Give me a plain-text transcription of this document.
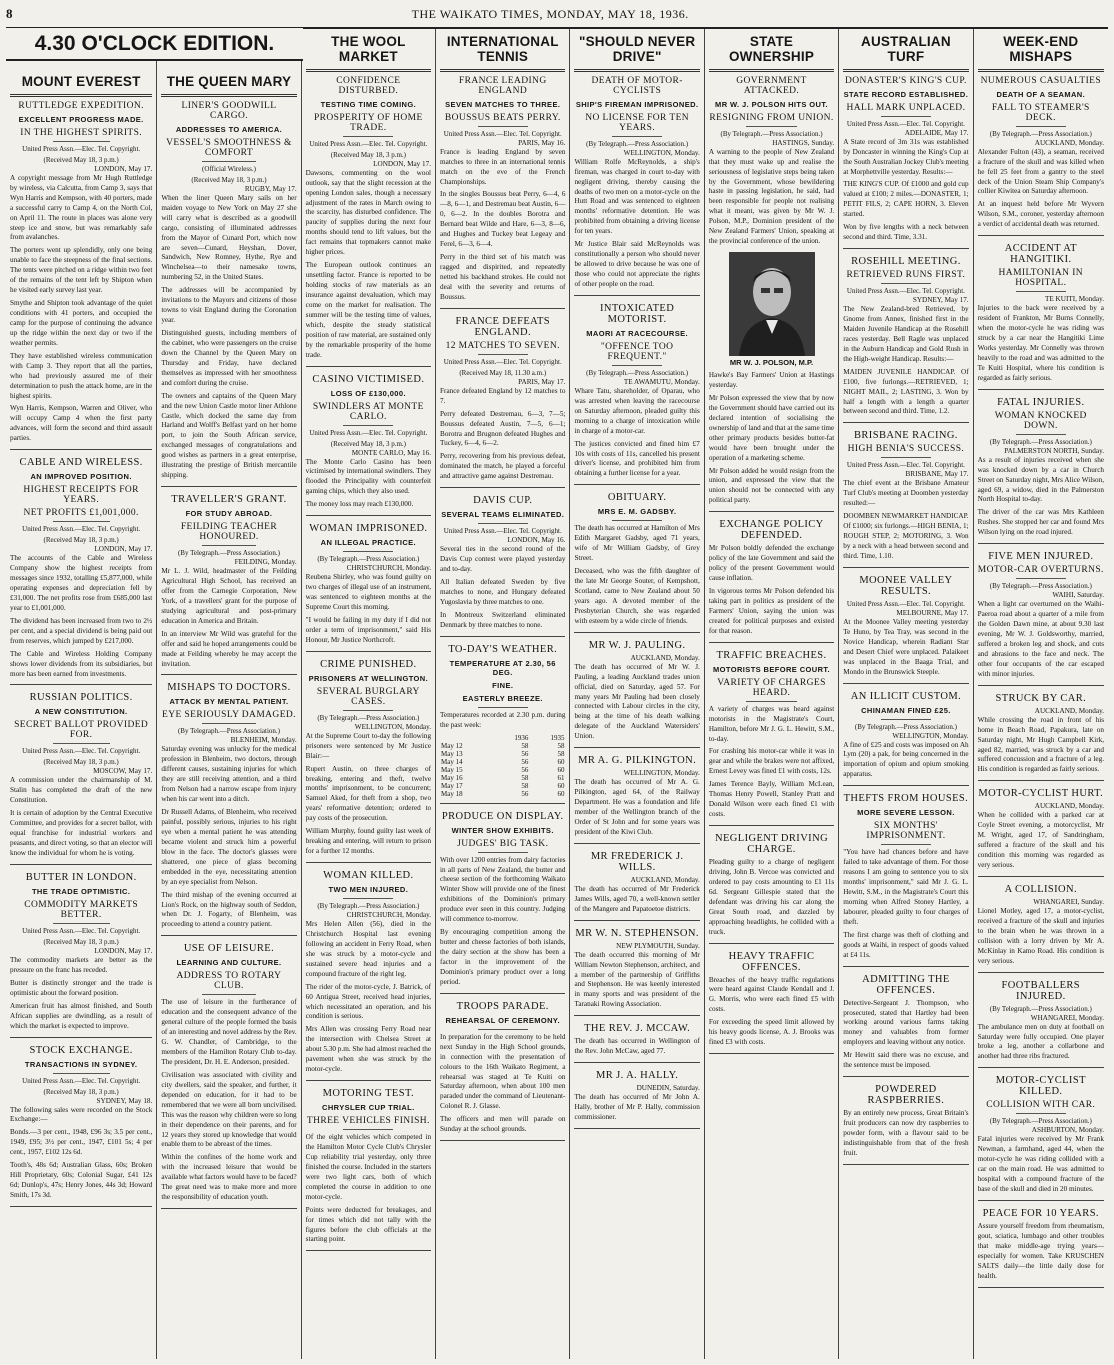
8	THE WAIKATO TIMES, MONDAY, MAY 18, 1936.
4.30 O'CLOCK EDITION.
MOUNT EVEREST
RUTTLEDGE EXPEDITION.
EXCELLENT PROGRESS MADE.
IN THE HIGHEST SPIRITS.
United Press Assn.—Elec. Tel. Copyright.
(Received May 18, 3 p.m.)
LONDON, May 17.

A copyright message from Mr Hugh Ruttledge by wireless, via Calcutta, from Camp 3, says that Wyn Harris and Kempson, with 40 porters, made a successful carry to Camp 4, on the North Col, on April 11. The route in places was alone very steep ice and snow, but was remarkably safe from avalanches.

The porters went up splendidly, only one being unable to face the steepness of the final sections. The tents were pitched on a ridge within two feet of the remains of the tent left by Shipton when he visited early survey last year.

Smythe and Shipton took advantage of the quiet conditions with 41 porters, and occupied the camp for the purpose of continuing the advance up the ridge within the next day or two if the weather permits.

They have established wireless communication with Camp 3. They report that all the parties, who had previously assured me of their determination to push the attack home, are in the highest spirits.

Wyn Harris, Kempson, Warren and Oliver, who will occupy Camp 4 when the first party advances, will form the second and third assault parties.

CABLE AND WIRELESS.
AN IMPROVED POSITION.
HIGHEST RECEIPTS FOR YEARS.
NET PROFITS £1,001,000.
United Press Assn.—Elec. Tel. Copyright.
(Received May 18, 3 p.m.)
LONDON, May 17.

The accounts of the Cable and Wireless Company show the highest receipts from messages since 1932, totalling £5,877,000, while operating expenses and depreciation fell by £31,000. The net profits rose from £685,000 last year to £1,001,000.

The dividend has been increased from two to 2½ per cent, and a special dividend is being paid out from reserves, which jumped by £217,000.

The Cable and Wireless Holding Company shows lower dividends from its subsidiaries, but more has been earned from investments.

RUSSIAN POLITICS.
A NEW CONSTITUTION.
SECRET BALLOT PROVIDED FOR.
United Press Assn.—Elec. Tel. Copyright.
(Received May 18, 3 p.m.)
MOSCOW, May 17.

A commission under the chairmanship of M. Stalin has completed the draft of the new Constitution.

It is certain of adoption by the Central Executive Committee, and provides for a secret ballot, with equal franchise for industrial workers and peasants, and direct voting, so that an elector will know the individual for whom he is voting.

BUTTER IN LONDON.
THE TRADE OPTIMISTIC.
COMMODITY MARKETS BETTER.
United Press Assn.—Elec. Tel. Copyright.
(Received May 18, 3 p.m.)
LONDON, May 17.

The commodity markets are better as the pressure on the franc has receded.

Butter is distinctly stronger and the trade is optimistic about the forward position.

American fruit has almost finished, and South African supplies are dwindling, as a result of which the market is expected to improve.

STOCK EXCHANGE.
TRANSACTIONS IN SYDNEY.
United Press Assn.—Elec. Tel. Copyright.
(Received May 18, 3 p.m.)
SYDNEY, May 18.

The following sales were recorded on the Stock Exchange:—

Bonds.—3 per cent., 1948, £96 3s; 3.5 per cent., 1949, £95; 3½ per cent., 1947, £101 5s; 4 per cent., 1957, £102 12s 6d.

Tooth's, 48s 6d; Australian Glass, 60s; Broken Hill Proprietary, 60s; Colonial Sugar, £41 12s 6d; Dunlop's, 47s; Henry Jones, 44s 3d; Howard Smith, 17s 3d.

THE QUEEN MARY
LINER'S GOODWILL CARGO.
ADDRESSES TO AMERICA.
VESSEL'S SMOOTHNESS & COMFORT
(Official Wireless.)
(Received May 18, 3 p.m.)
RUGBY, May 17.

When the liner Queen Mary sails on her maiden voyage to New York on May 27 she will carry what is described as a goodwill cargo, consisting of illuminated addresses from the Mayor of Cunard Port, which now are seven—Cunard, Heyshan, Dover, Sandwich, New Romney, Hythe, Rye and Winchelsea—to their namesake towns, numbering 52, in the United States.

The addresses will be accompanied by invitations to the Mayors and citizens of those towns to visit England during the Coronation year.

Distinguished guests, including members of the cabinet, who were passengers on the cruise down the Channel by the Queen Mary on Thursday and Friday, have declared themselves as impressed with her smoothness and comfort during the cruise.

The owners and captains of the Queen Mary and the new Union Castle motor liner Athlone Castle, which docked the same day from Harland and Wolff's Belfast yard on her home port, to join the South African service, exchanged messages of congratulations and good wishes as partners in a great enterprise, illustrating the prestige of British mercantile shipping.

TRAVELLER'S GRANT.
FOR STUDY ABROAD.
FEILDING TEACHER HONOURED.
(By Telegraph.—Press Association.)
FEILDING, Monday.

Mr L. J. Wild, headmaster of the Feilding Agricultural High School, has received an offer from the Carnegie Corporation, New York, of a travellers' grant for the purpose of studying agricultural and post-primary education in America and Britain.

In an interview Mr Wild was grateful for the offer and said he hoped arrangements could be made at Feilding whereby he may accept the invitation.

MISHAPS TO DOCTORS.
ATTACK BY MENTAL PATIENT.
EYE SERIOUSLY DAMAGED.
(By Telegraph.—Press Association.)
BLENHEIM, Monday.

Saturday evening was unlucky for the medical profession in Blenheim, two doctors, through different causes, sustaining injuries for which they are still receiving attention, and a third from Nelson had a narrow escape from injury when his car went into a ditch.

Dr Russell Adams, of Blenheim, who received painful, possibly serious, injuries to his right eye when a mental patient he was attending became violent and struck him a powerful blow in the face. The doctor's glasses were shattered, one piece of glass becoming embedded in the eye, necessitating attention by an eye specialist from Nelson.

The third mishap of the evening occurred at Lion's Rock, on the highway south of Seddon, when Dr. J. Fogarty, of Blenheim, was proceeding to attend a country patient.

USE OF LEISURE.
LEARNING AND CULTURE.
ADDRESS TO ROTARY CLUB.

The use of leisure in the furtherance of education and the consequent advance of the general culture of the people formed the basis of an interesting and novel address by the Rev. G. W. Chandler, of Cambridge, to the members of the Hamilton Rotary Club to-day. The president, Dr. H. E. Anderson, presided.

Civilisation was associated with civility and city dwellers, said the speaker, and further, it depended on education, for it had to be remembered that we were all born uncivilised. This was the reason why children were so long in their dependence on their parents, and for 12 years they stored up knowledge that would enable them to be abreast of the times.

Within the confines of the home work and with the increased leisure that would be available what factors would have to be faced? The great need was to make more and more the responsibility of education youth.

THE WOOL MARKET
CONFIDENCE DISTURBED.
TESTING TIME COMING.
PROSPERITY OF HOME TRADE.
United Press Assn.—Elec. Tel. Copyright.
(Received May 18, 3 p.m.)
LONDON, May 17.

Dawsons, commenting on the wool outlook, say that the slight recession at the opening London sales, though a necessary adjustment of the rates in March owing to the scarcity, has disturbed confidence. The paucity of supplies during the next four months should tend to lift values, but the fact remains that topmakers cannot make higher prices.

The European outlook continues an unsettling factor. France is reported to be holding stocks of raw materials as an insurance against devaluation, which may come on the market for realisation. The summer will be the testing time of values, which, despite the steady statistical position of raw material, are sustained only by the remarkable prosperity of the home trade.

CASINO VICTIMISED.
LOSS OF £130,000.
SWINDLERS AT MONTE CARLO.
United Press Assn.—Elec. Tel. Copyright.
(Received May 18, 3 p.m.)
MONTE CARLO, May 16.

The Monte Carlo Casino has been victimised by international swindlers. They flooded the Principality with counterfeit gaming chips, which they also used.

The money loss may reach £130,000.

WOMAN IMPRISONED.
AN ILLEGAL PRACTICE.
(By Telegraph.—Press Association.)
CHRISTCHURCH, Monday.

Reubena Shirley, who was found guilty on two charges of illegal use of an instrument, was sentenced to eighteen months at the Supreme Court this morning.

"I would be failing in my duty if I did not order a term of imprisonment," said His Honour, Mr Justice Northcroft.

CRIME PUNISHED.
PRISONERS AT WELLINGTON.
SEVERAL BURGLARY CASES.
(By Telegraph.—Press Association.)
WELLINGTON, Monday.

At the Supreme Court to-day the following prisoners were sentenced by Mr Justice Blair:—

Rupert Austin, on three charges of breaking, entering and theft, twelve months' imprisonment, to be concurrent; Samuel Aked, for theft from a shop, two years' reformative detention; ordered to pay costs of the prosecution.

William Murphy, found guilty last week of breaking and entering, will return to prison for a further 12 months.

WOMAN KILLED.
TWO MEN INJURED.
(By Telegraph.—Press Association.)
CHRISTCHURCH, Monday.

Mrs Helen Allen (56), died in the Christchurch Hospital last evening following an accident in Ferry Road, when she was struck by a motor-cycle and sustained severe head injuries and a compound fracture of the right leg.

The rider of the motor-cycle, J. Batrick, of 60 Antigua Street, received head injuries, which necessitated an operation, and his condition is serious.

Mrs Allen was crossing Ferry Road near the intersection with Chelsea Street at about 5.30 p.m. She had almost reached the pavement when she was struck by the motor-cycle.

MOTORING TEST.
CHRYSLER CUP TRIAL.
THREE VEHICLES FINISH.

Of the eight vehicles which competed in the Hamilton Motor Cycle Club's Chrysler Cup reliability trial yesterday, only three finished the course. Included in the starters were two light cars, both of which completed the course in addition to one motor-cycle.

Points were deducted for breakages, and for times which did not tally with the figures before the club officials at the starting point.

INTERNATIONAL TENNIS
FRANCE LEADING ENGLAND
SEVEN MATCHES TO THREE.
BOUSSUS BEATS PERRY.
United Press Assn.—Elec. Tel. Copyright.
PARIS, May 16.

France is leading England by seven matches to three in an international tennis match on the eve of the French Championships.

In the singles Boussus beat Perry, 6—4, 6—8, 6—1, and Destremau beat Austin, 6—0, 6—2. In the doubles Borotra and Bernard beat Wilde and Hare, 6—3, 8—6, and Hughes and Tuckey beat Legeay and Ferel, 6—3, 6—4.

Perry in the third set of his match was ragged and dispirited, and repeatedly netted his backhand strokes. He could not deal with the severity and returns of Boussus.

FRANCE DEFEATS ENGLAND.
12 MATCHES TO SEVEN.
United Press Assn.—Elec. Tel. Copyright.
(Received May 18, 11.30 a.m.)
PARIS, May 17.

France defeated England by 12 matches to 7.

Perry defeated Destremau, 6—3, 7—5; Boussus defeated Austin, 7—5, 6—1; Borotra and Brugnon defeated Hughes and Tuckey, 6—4, 6—2.

Perry, recovering from his previous defeat, dominated the match, he played a forceful and attractive game against Destremau.

DAVIS CUP.
SEVERAL TEAMS ELIMINATED.
United Press Assn.—Elec. Tel. Copyright.
LONDON, May 16.

Several ties in the second round of the Davis Cup contest were played yesterday and to-day.

All Italian defeated Sweden by five matches to none, and Hungary defeated Yugoslavia by three matches to one.

In Montreux Switzerland eliminated Denmark by three matches to none.

TO-DAY'S WEATHER.
TEMPERATURE AT 2.30, 56 DEG.
FINE.
EASTERLY BREEZE.

Temperatures recorded at 2.30 p.m. during the past week:

	1936	1935
May 12	58	58
May 13	56	58
May 14	56	60
May 15	56	60
May 16	58	61
May 17	58	60
May 18	56	60
PRODUCE ON DISPLAY.
WINTER SHOW EXHIBITS.
JUDGES' BIG TASK.

With over 1200 entries from dairy factories in all parts of New Zealand, the butter and cheese section of the forthcoming Waikato Winter Show will provide one of the finest exhibitions of the Dominion's primary produce ever seen in this country. Judging will commence to-morrow.

By encouraging competition among the butter and cheese factories of both islands, the dairy section at the show has been a factor in the improvement of the Dominion's primary product over a long period.

TROOPS PARADE.
REHEARSAL OF CEREMONY.

In preparation for the ceremony to be held next Sunday in the High School grounds, in connection with the presentation of colours to the 16th Waikato Regiment, a rehearsal was staged at Te Kuiti on Saturday afternoon, when about 100 men paraded under the command of Lieutenant-Colonel R. J. Glasse.

The officers and men will parade on Sunday at the school grounds.

"SHOULD NEVER DRIVE"
DEATH OF MOTOR-CYCLISTS
SHIP'S FIREMAN IMPRISONED.
NO LICENSE FOR TEN YEARS.
(By Telegraph.—Press Association.)
WELLINGTON, Monday.

William Rolfe McReynolds, a ship's fireman, was charged in court to-day with negligent driving, thereby causing the deaths of two men on a motor-cycle on the Hutt Road and was sentenced to eighteen months' reformative detention. He was prohibited from obtaining a driving license for ten years.

Mr Justice Blair said McReynolds was constitutionally a person who should never be allowed to drive because he was one of those who could not appreciate the rights of other people on the road.

INTOXICATED MOTORIST.
MAORI AT RACECOURSE.
"OFFENCE TOO FREQUENT."
(By Telegraph.—Press Association.)
TE AWAMUTU, Monday.

Whare Tatu, shareholder, of Oparau, who was arrested when leaving the racecourse on Saturday afternoon, pleaded guilty this morning to a charge of intoxication while in charge of a motor-car.

The justices convicted and fined him £7 10s with costs of 11s, cancelled his present driver's license, and prohibited him from obtaining a further license for a year.

OBITUARY.
MRS E. M. GADSBY.

The death has occurred at Hamilton of Mrs Edith Margaret Gadsby, aged 71 years, wife of Mr William Gadsby, of Grey Street.

Deceased, who was the fifth daughter of the late Mr George Souter, of Kempshott, Scotland, came to New Zealand about 50 years ago. A devoted member of the Presbyterian Church, she was regarded with esteem by a wide circle of friends.

MR W. J. PAULING.
AUCKLAND, Monday.

The death has occurred of Mr W. J. Pauling, a leading Auckland trades union official, died on Saturday, aged 57. For many years Mr Pauling had been closely connected with Labour circles in the city, being at the time of his death walking delegate of the Auckland Watersiders' Union.

MR A. G. PILKINGTON.
WELLINGTON, Monday.

The death has occurred of Mr A. G. Pilkington, aged 64, of the Railway Department. He was a foundation and life member of the Wellington branch of the Order of St John and for some years was president of the Kiwi Club.

MR FREDERICK J. WILLS.
AUCKLAND, Monday.

The death has occurred of Mr Frederick James Wills, aged 70, a well-known settler of the Mangere and Papatoetoe districts.

MR W. N. STEPHENSON.
NEW PLYMOUTH, Sunday.

The death occurred this morning of Mr William Newton Stephenson, architect, and a member of the partnership of Griffiths and Stephenson. He was keenly interested in many sports and was president of the Taranaki Rowing Association.

THE REV. J. MCCAW.

The death has occurred in Wellington of the Rev. John McCaw, aged 77.

MR J. A. HALLY.
DUNEDIN, Saturday.

The death has occurred of Mr John A. Hally, brother of Mr P. Hally, commission commissioner.

STATE OWNERSHIP
GOVERNMENT ATTACKED.
MR W. J. POLSON HITS OUT.
RESIGNING FROM UNION.
(By Telegraph.—Press Association.)
HASTINGS, Sunday.

A warning to the people of New Zealand that they must wake up and realise the seriousness of legislative steps being taken by the Government, whose bewildering haste in passing legislation, he said, had been responsible for people not realising what it meant, was given by Mr W. J. Polson, M.P., Dominion president of the New Zealand Farmers' Union, speaking at the provincial conference of the union.

MR W. J. POLSON, M.P.

Hawke's Bay Farmers' Union at Hastings yesterday.

Mr Polson expressed the view that by now the Government should have carried out its declared intention of socialising the ownership of land and that at the same time other primary products besides butter-fat would have been brought under the operation of a marketing scheme.

Mr Polson added he would resign from the union, and expressed the view that the union should not be connected with any political party.

EXCHANGE POLICY DEFENDED.

Mr Polson boldly defended the exchange policy of the late Government and said the policy of the present Government would cause inflation.

In vigorous terms Mr Polson defended his taking part in politics as president of the Farmers' Union, saying the union was created for political purposes and existed for that reason.

TRAFFIC BREACHES.
MOTORISTS BEFORE COURT.
VARIETY OF CHARGES HEARD.

A variety of charges was heard against motorists in the Magistrate's Court, Hamilton, before Mr J. G. L. Hewitt, S.M., to-day.

For crashing his motor-car while it was in gear and while the brakes were not affixed, Ernest Levey was fined £1 with costs, 12s.

James Terence Bayly, William McLean, Thomas Henry Powell, Stanley Pratt and Donald Wilson were each fined £1 with costs.

NEGLIGENT DRIVING CHARGE.

Pleading guilty to a charge of negligent driving, John B. Vercoe was convicted and ordered to pay costs amounting to £1 11s 6d. Sergeant Gillespie stated that the defendant was driving his car along the Great South road, and dazzled by approaching headlights, he collided with a truck.

HEAVY TRAFFIC OFFENCES.

Breaches of the heavy traffic regulations were heard against Claude Kendall and J. G. Morris, who were each fined £5 with costs.

For exceeding the speed limit allowed by his heavy goods license, A. J. Brooks was fined £3 with costs.

AUSTRALIAN TURF
DONASTER'S KING'S CUP.
STATE RECORD ESTABLISHED.
HALL MARK UNPLACED.
United Press Assn.—Elec. Tel. Copyright.
ADELAIDE, May 17.

A State record of 3m 31s was established by Doncaster in winning the King's Cup at the South Australian Jockey Club's meeting at Morphettville yesterday. Results:—

THE KING'S CUP. Of £1000 and gold cup valued at £100; 2 miles.—DONASTER, 1; PETIT FILS, 2; CAPE HORN, 3. Eleven started.

Won by five lengths with a neck between second and third. Time, 3.31.

ROSEHILL MEETING.
RETRIEVED RUNS FIRST.
United Press Assn.—Elec. Tel. Copyright.
SYDNEY, May 17.

The New Zealand-bred Retrieved, by Gnome from Annex, finished first in the Maiden Juvenile Handicap at the Rosehill races yesterday. Bell Ragle was unplaced in the Auburn Handicap and Gold Rush in the High-weight Handicap. Results:—

MAIDEN JUVENILE HANDICAP. Of £100, five furlongs.—RETRIEVED, 1; NIGHT MAIL, 2; LASTING, 3. Won by half a length with a length a quarter between second and third. Time, 1.2.

BRISBANE RACING.
HIGH BENIA'S SUCCESS.
United Press Assn.—Elec. Tel. Copyright.
BRISBANE, May 17.

The chief event at the Brisbane Amateur Turf Club's meeting at Doomben yesterday resulted:—

DOOMBEN NEWMARKET HANDICAP. Of £1000; six furlongs.—HIGH BENIA, 1; ROUGH STEP, 2; MOTORING, 3. Won by a neck with a head between second and third. Time, 1.10.

MOONEE VALLEY RESULTS.
United Press Assn.—Elec. Tel. Copyright.
MELBOURNE, May 17.

At the Moonee Valley meeting yesterday Te Huno, by Tea Tray, was second in the Novice Handicap, wherein Radiant Star and Desert Chief were unplaced. Palaikeet was unplaced in the Baaga Trial, and Mondo in the Brunswick Steeple.

AN ILLICIT CUSTOM.
CHINAMAN FINED £25.
(By Telegraph.—Press Association.)
WELLINGTON, Monday.

A fine of £25 and costs was imposed on Ah Lym (20) a pak, for being concerned in the importation of opium and opium smoking apparatus.

THEFTS FROM HOUSES.
MORE SEVERE LESSON.
SIX MONTHS' IMPRISONMENT.

"You have had chances before and have failed to take advantage of them. For those reasons I am going to sentence you to six months' imprisonment," said Mr J. G. L. Hewitt, S.M., in the Magistrate's Court this morning when Alfred Stoney Hartley, a labourer, pleaded guilty to four charges of theft.

The first charge was theft of clothing and goods at Waihi, in respect of goods valued at £4 11s.

ADMITTING THE OFFENCES.

Detective-Sergeant J. Thompson, who prosecuted, stated that Hartley had been working around various farms taking money and valuables from former employers and leaving without any notice.

Mr Hewitt said there was no excuse, and the sentence must be imposed.

POWDERED RASPBERRIES.

By an entirely new process, Great Britain's fruit producers can now dry raspberries to powder form, with a flavour said to be indistinguishable from that of the fresh fruit.

WEEK-END MISHAPS
NUMEROUS CASUALTIES
DEATH OF A SEAMAN.
FALL TO STEAMER'S DECK.
(By Telegraph.—Press Association.)
AUCKLAND, Monday.

Alexander Fulton (43), a seaman, received a fracture of the skull and was killed when he fell 25 feet from a gantry to the steel deck of the Union Steam Ship Company's collier Kiwitea on Saturday afternoon.

At an inquest held before Mr Wyvern Wilson, S.M., coroner, yesterday afternoon a verdict of accidental death was returned.

ACCIDENT AT HANGITIKI.
HAMILTONIAN IN HOSPITAL.
TE KUITI, Monday.

Injuries to the back were received by a resident of Frankton, Mr Burns Connelly, when the motor-cycle he was riding was struck by a car near the Hangitiki Lime Works yesterday. Mr Connelly was thrown heavily to the road and was admitted to the Te Kuiti Hospital, where his condition is regarded as fairly serious.

FATAL INJURIES.
WOMAN KNOCKED DOWN.
(By Telegraph.—Press Association.)
PALMERSTON NORTH, Sunday.

As a result of injuries received when she was knocked down by a car in Church Street on Saturday night, Mrs Alice Wilson, aged 69, a widow, died in the Palmerston North Hospital to-day.

The driver of the car was Mrs Kathleen Rushes. She stopped her car and found Mrs Wilson lying on the road injured.

FIVE MEN INJURED.
MOTOR-CAR OVERTURNS.
(By Telegraph.—Press Association.)
WAIHI, Saturday.

When a light car overturned on the Waihi-Paeroa road about a quarter of a mile from the Golden Dawn mine, at about 9.30 last evening, Mr W. J. Goldsworthy, married, suffered a broken leg and shock, and cuts and abrasions to the face and neck. The other four occupants of the car escaped with minor injuries.

STRUCK BY CAR.
AUCKLAND, Monday.

While crossing the road in front of his home in Beach Road, Papakura, late on Saturday night, Mr Hugh Campbell Kirk, aged 82, married, was struck by a car and suffered concussion and a fracture of a leg. His condition is regarded as fairly serious.

MOTOR-CYCLIST HURT.
AUCKLAND, Monday.

When he collided with a parked car at Coyle Street evening, a motorcyclist, Mr M. Wright, aged 17, of Sandringham, suffered a fracture of the skull and his condition this morning was regarded as very serious.

A COLLISION.
WHANGAREI, Sunday.

Lionel Motley, aged 17, a motor-cyclist, received a fracture of the skull and injuries to the brain when he was thrown in a collision with a lorry driven by Mr A. McKinlay in Kamo Road. His condition is very serious.

FOOTBALLERS INJURED.
(By Telegraph.—Press Association.)
WHANGAREI, Monday.

The ambulance men on duty at football on Saturday were fully occupied. One player broke a leg, another a collarbone and another had three ribs fractured.

MOTOR-CYCLIST KILLED.
COLLISION WITH CAR.
(By Telegraph.—Press Association.)
ASHBURTON, Monday.

Fatal injuries were received by Mr Frank Newman, a farmhand, aged 44, when the motor-cycle he was riding collided with a car on the main road. He was admitted to hospital with a compound fracture of the base of the skull and died in 20 minutes.

PEACE FOR 10 YEARS.

Assure yourself freedom from rheumatism, gout, sciatica, lumbago and other troubles that make middle-age trying years—especially for women. Take KRUSCHEN SALTS daily—the little daily dose for health.
